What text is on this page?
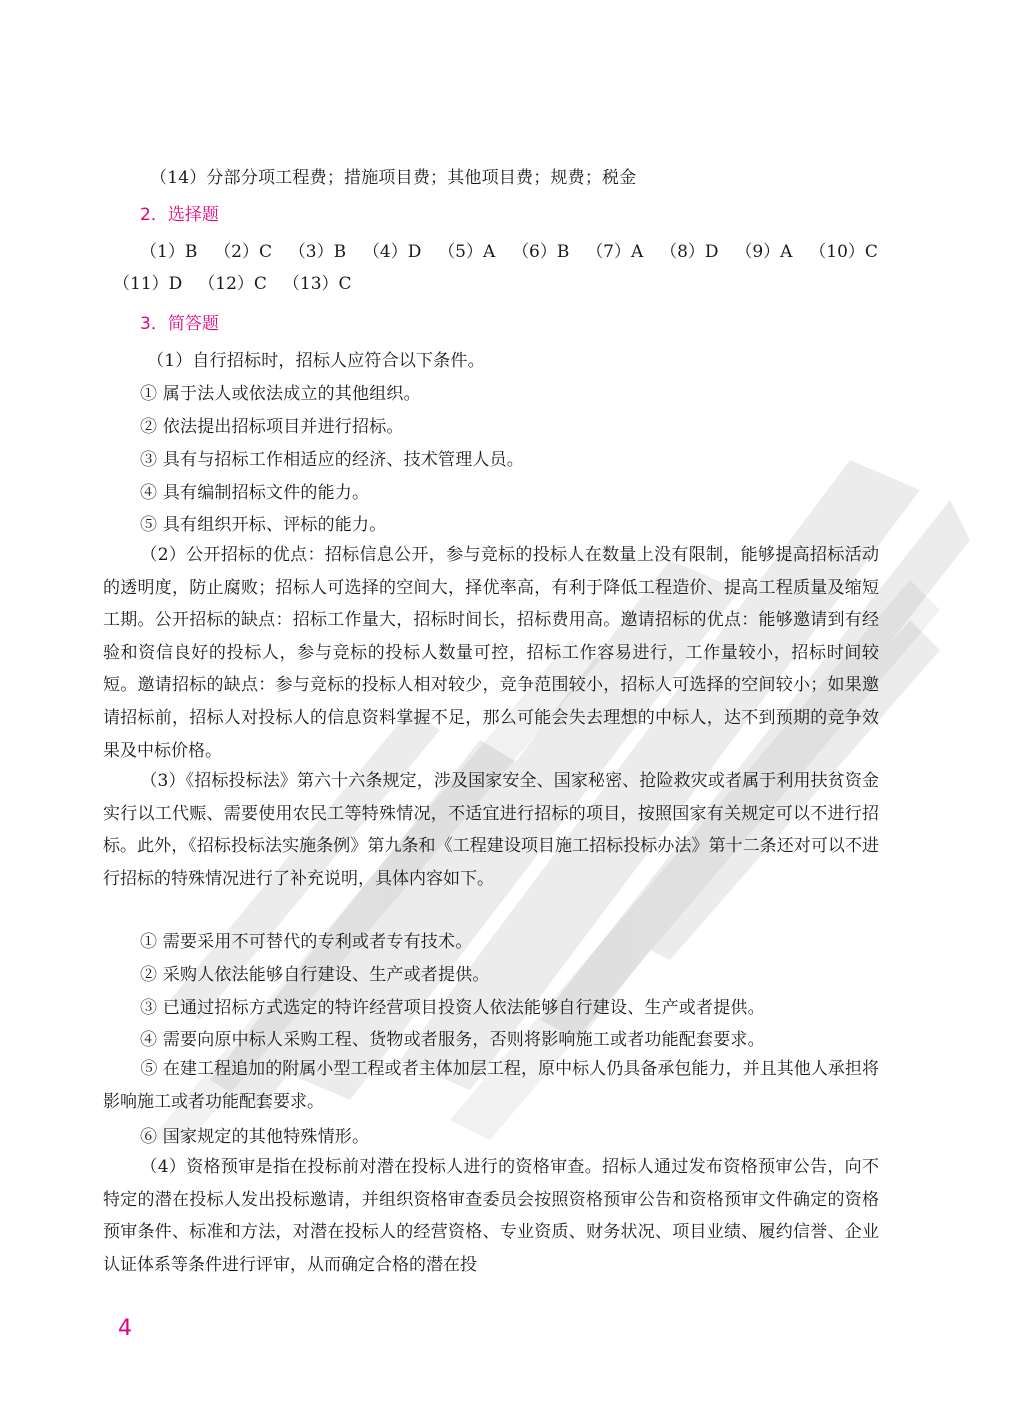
（14）分部分项工程费；措施项目费；其他项目费；规费；税金
2．选择题
（1）B （2）C （3）B （4）D （5）A （6）B （7）A （8）D （9）A （10）C
（11）D （12）C （13）C
3．简答题
（1）自行招标时，招标人应符合以下条件。
① 属于法人或依法成立的其他组织。
② 依法提出招标项目并进行招标。
③ 具有与招标工作相适应的经济、技术管理人员。
④ 具有编制招标文件的能力。
⑤ 具有组织开标、评标的能力。
（2）公开招标的优点：招标信息公开，参与竞标的投标人在数量上没有限制，能够提高招标活动的透明度，防止腐败；招标人可选择的空间大，择优率高，有利于降低工程造价、提高工程质量及缩短工期。公开招标的缺点：招标工作量大，招标时间长，招标费用高。邀请招标的优点：能够邀请到有经验和资信良好的投标人，参与竞标的投标人数量可控，招标工作容易进行，工作量较小，招标时间较短。邀请招标的缺点：参与竞标的投标人相对较少，竞争范围较小，招标人可选择的空间较小；如果邀请招标前，招标人对投标人的信息资料掌握不足，那么可能会失去理想的中标人，达不到预期的竞争效果及中标价格。
（3）《招标投标法》第六十六条规定，涉及国家安全、国家秘密、抢险救灾或者属于利用扶贫资金实行以工代赈、需要使用农民工等特殊情况，不适宜进行招标的项目，按照国家有关规定可以不进行招标。此外，《招标投标法实施条例》第九条和《工程建设项目施工招标投标办法》第十二条还对可以不进行招标的特殊情况进行了补充说明，具体内容如下。
① 需要采用不可替代的专利或者专有技术。
② 采购人依法能够自行建设、生产或者提供。
③ 已通过招标方式选定的特许经营项目投资人依法能够自行建设、生产或者提供。
④ 需要向原中标人采购工程、货物或者服务，否则将影响施工或者功能配套要求。
⑤ 在建工程追加的附属小型工程或者主体加层工程，原中标人仍具备承包能力，并且其他人承担将影响施工或者功能配套要求。
⑥ 国家规定的其他特殊情形。
（4）资格预审是指在投标前对潜在投标人进行的资格审查。招标人通过发布资格预审公告，向不特定的潜在投标人发出投标邀请，并组织资格审查委员会按照资格预审公告和资格预审文件确定的资格预审条件、标准和方法，对潜在投标人的经营资格、专业资质、财务状况、项目业绩、履约信誉、企业认证体系等条件进行评审，从而确定合格的潜在投
4
